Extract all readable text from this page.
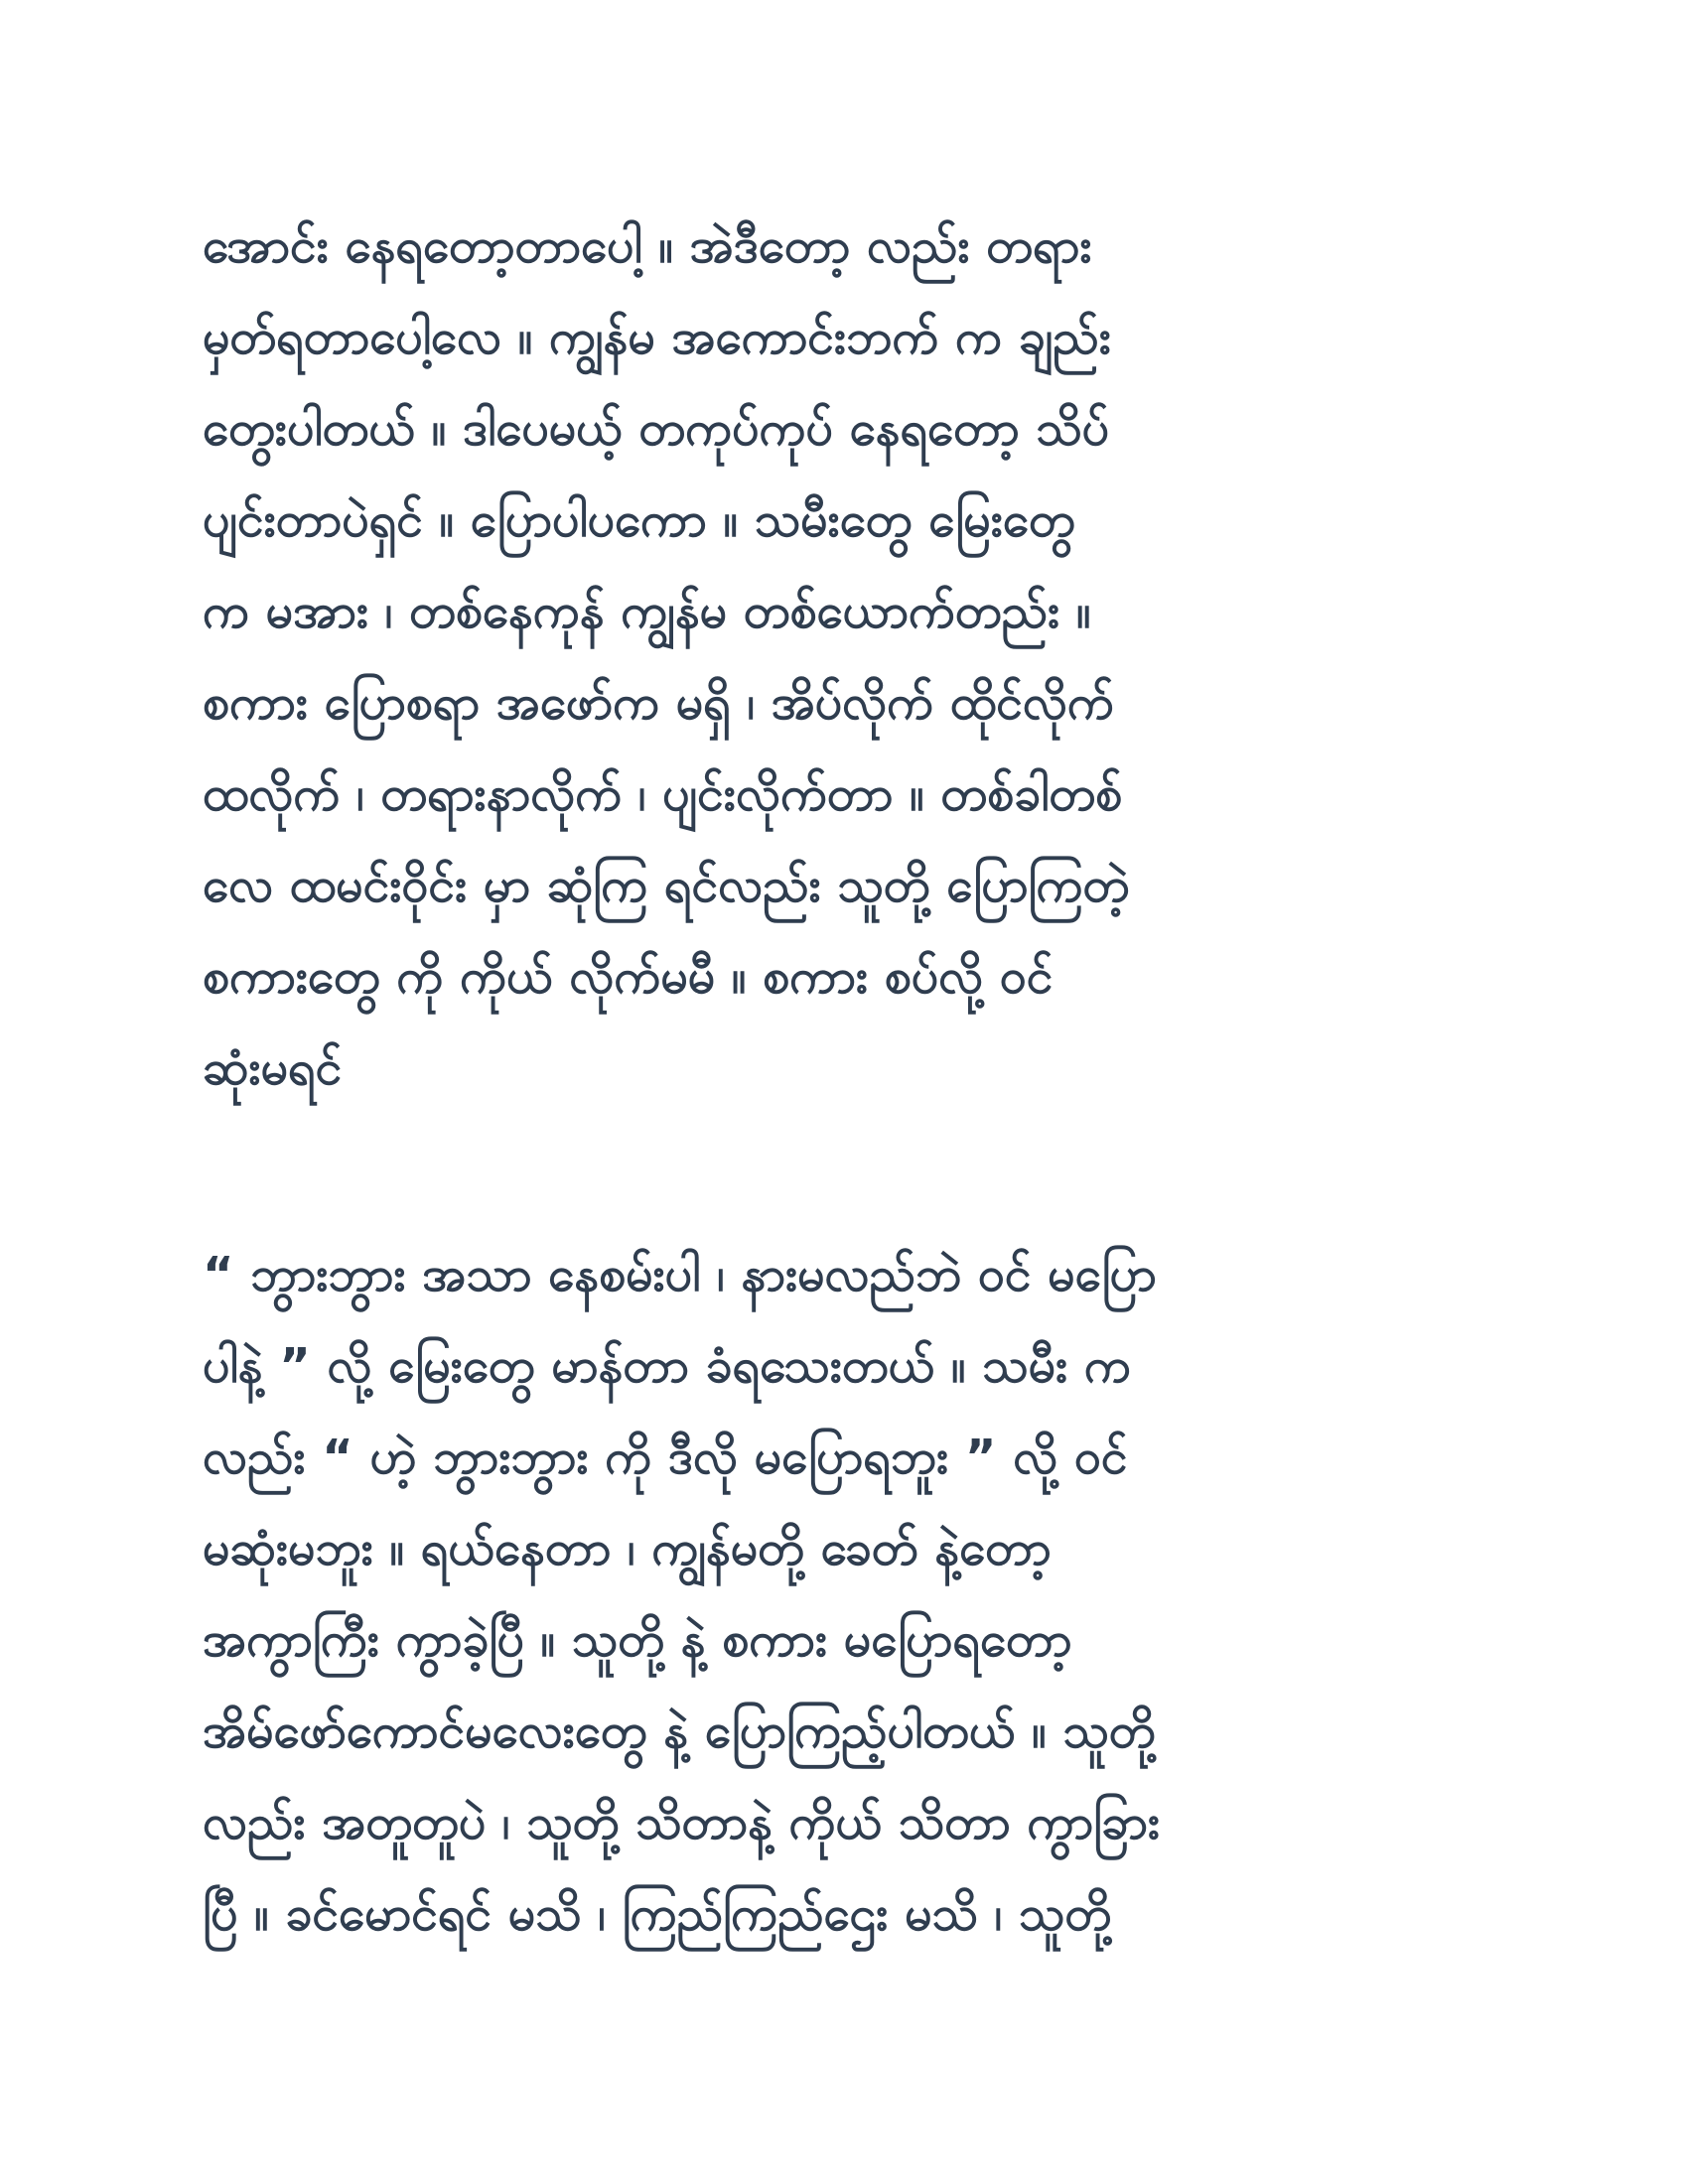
အောင်း နေရတော့တာပေါ့ ။ အဲဒီတော့ လည်း တရား
မှတ်ရတာပေါ့လေ ။ ကျွန်မ အကောင်းဘက် က ချည်း
တွေးပါတယ် ။ ဒါပေမယ့် တကုပ်ကုပ် နေရတော့ သိပ်
ပျင်းတာပဲရှင် ။ ပြောပါပကော ။ သမီးတွေ မြေးတွေ
က မအား ၊ တစ်နေကုန် ကျွန်မ တစ်ယောက်တည်း ။
စကား ပြောစရာ အဖော်က မရှိ ၊ အိပ်လိုက် ထိုင်လိုက်
ထလိုက် ၊ တရားနာလိုက် ၊ ပျင်းလိုက်တာ ။ တစ်ခါတစ်
လေ ထမင်းဝိုင်း မှာ ဆုံကြ ရင်လည်း သူတို့ ပြောကြတဲ့
စကားတွေ ကို ကိုယ် လိုက်မမီ ။ စကား စပ်လို့ ဝင်
ဆုံးမရင်
“ ဘွားဘွား အသာ နေစမ်းပါ ၊ နားမလည်ဘဲ ဝင် မပြော
ပါနဲ့ ” လို့ မြေးတွေ မာန်တာ ခံရသေးတယ် ။ သမီး က
လည်း “ ဟဲ့ ဘွားဘွား ကို ဒီလို မပြောရဘူး ” လို့ ဝင်
မဆုံးမဘူး ။ ရယ်နေတာ ၊ ကျွန်မတို့ ခေတ် နဲ့တော့
အကွာကြီး ကွာခဲ့ပြီ ။ သူတို့ နဲ့ စကား မပြောရတော့
အိမ်ဖော်ကောင်မလေးတွေ နဲ့ ပြောကြည့်ပါတယ် ။ သူတို့
လည်း အတူတူပဲ ၊ သူတို့ သိတာနဲ့ ကိုယ် သိတာ ကွာခြား
ပြီ ။ ခင်မောင်ရင် မသိ ၊ ကြည်ကြည်ဌေး မသိ ၊ သူတို့
